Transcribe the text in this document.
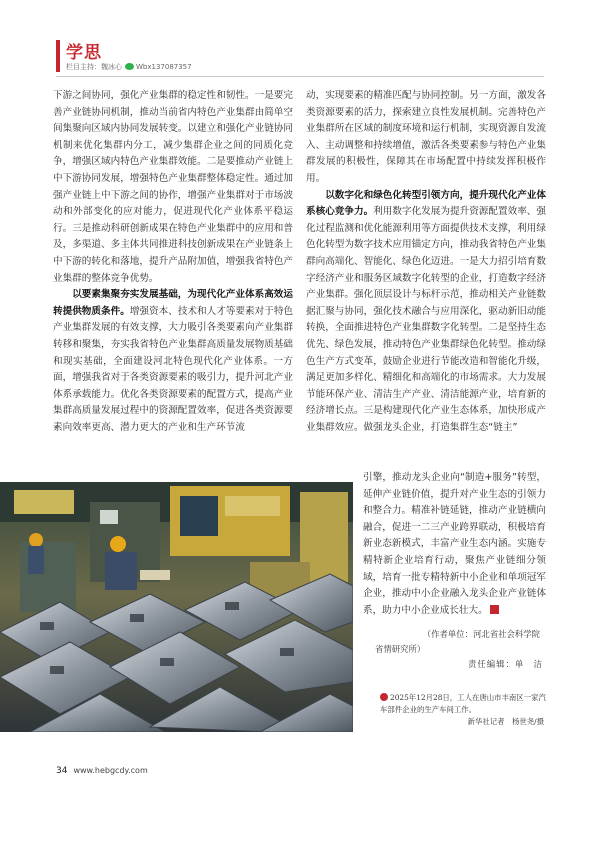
学思
栏目主持：魏冰心 Wbx137087357

下游之间协同，强化产业集群的稳定性和韧性。一是要完善产业链协同机制，推动当前省内特色产业集群由简单空间集聚向区域内协同发展转变。以建立和强化产业链协同机制来优化集群内分工，减少集群企业之间的同质化竞争，增强区域内特色产业集群效能。二是要推动产业链上中下游协同发展，增强特色产业集群整体稳定性。通过加强产业链上中下游之间的协作，增强产业集群对于市场波动和外部变化的应对能力，促进现代化产业体系平稳运行。三是推动科研创新成果在特色产业集群中的应用和普及，多渠道、多主体共同推进科技创新成果在产业链条上中下游的转化和落地，提升产品附加值，增强我省特色产业集群的整体竞争优势。

以要素集聚夯实发展基础，为现代化产业体系高效运转提供物质条件。增强资本、技术和人才等要素对于特色产业集群发展的有效支撑，大力吸引各类要素向产业集群转移和聚集，夯实我省特色产业集群高质量发展物质基础和现实基础，全面建设河北特色现代化产业体系。一方面，增强我省对于各类资源要素的吸引力，提升河北产业体系承载能力。优化各类资源要素的配置方式，提高产业集群高质量发展过程中的资源配置效率，促进各类资源要素向效率更高、潜力更大的产业和生产环节流

动，实现要素的精准匹配与协同控制。另一方面，激发各类资源要素的活力，探索建立良性发展机制。完善特色产业集群所在区域的制度环境和运行机制，实现资源自发流入、主动调整和持续增值，激活各类要素参与特色产业集群发展的积极性，保障其在市场配置中持续发挥积极作用。

以数字化和绿色化转型引领方向，提升现代化产业体系核心竞争力。利用数字化发展为提升资源配置效率、强化过程监测和优化能源利用等方面提供技术支撑，利用绿色化转型为数字技术应用锚定方向，推动我省特色产业集群向高端化、智能化、绿色化迈进。一是大力招引培育数字经济产业和服务区域数字化转型的企业，打造数字经济产业集群。强化顶层设计与标杆示范，推动相关产业链数据汇聚与协同，强化技术融合与应用深化，驱动新旧动能转换，全面推进特色产业集群数字化转型。二是坚持生态优先、绿色发展，推动特色产业集群绿色化转型。推动绿色生产方式变革，鼓励企业进行节能改造和智能化升级，满足更加多样化、精细化和高端化的市场需求。大力发展节能环保产业、清洁生产产业、清洁能源产业，培育新的经济增长点。三是构建现代化产业生态体系，加快形成产业集群效应。做强龙头企业，打造集群生态“链主”

引擎，推动龙头企业向“制造+服务”转型，延伸产业链价值，提升对产业生态的引领力和整合力。精准补链延链，推动产业链横向融合，促进一二三产业跨界联动，积极培育新业态新模式，丰富产业生态内涵。实施专精特新企业培育行动，聚焦产业链细分领域，培育一批专精特新中小企业和单项冠军企业，推动中小企业融入龙头企业产业链体系，助力中小企业成长壮大。

（作者单位：河北省社会科学院
省情研究所）
责任编辑：单　洁
2025年12月28日，工人在唐山市丰南区一家汽车部件企业的生产车间工作。
新华社记者　杨世尧/摄
34 www.hebgcdy.com
